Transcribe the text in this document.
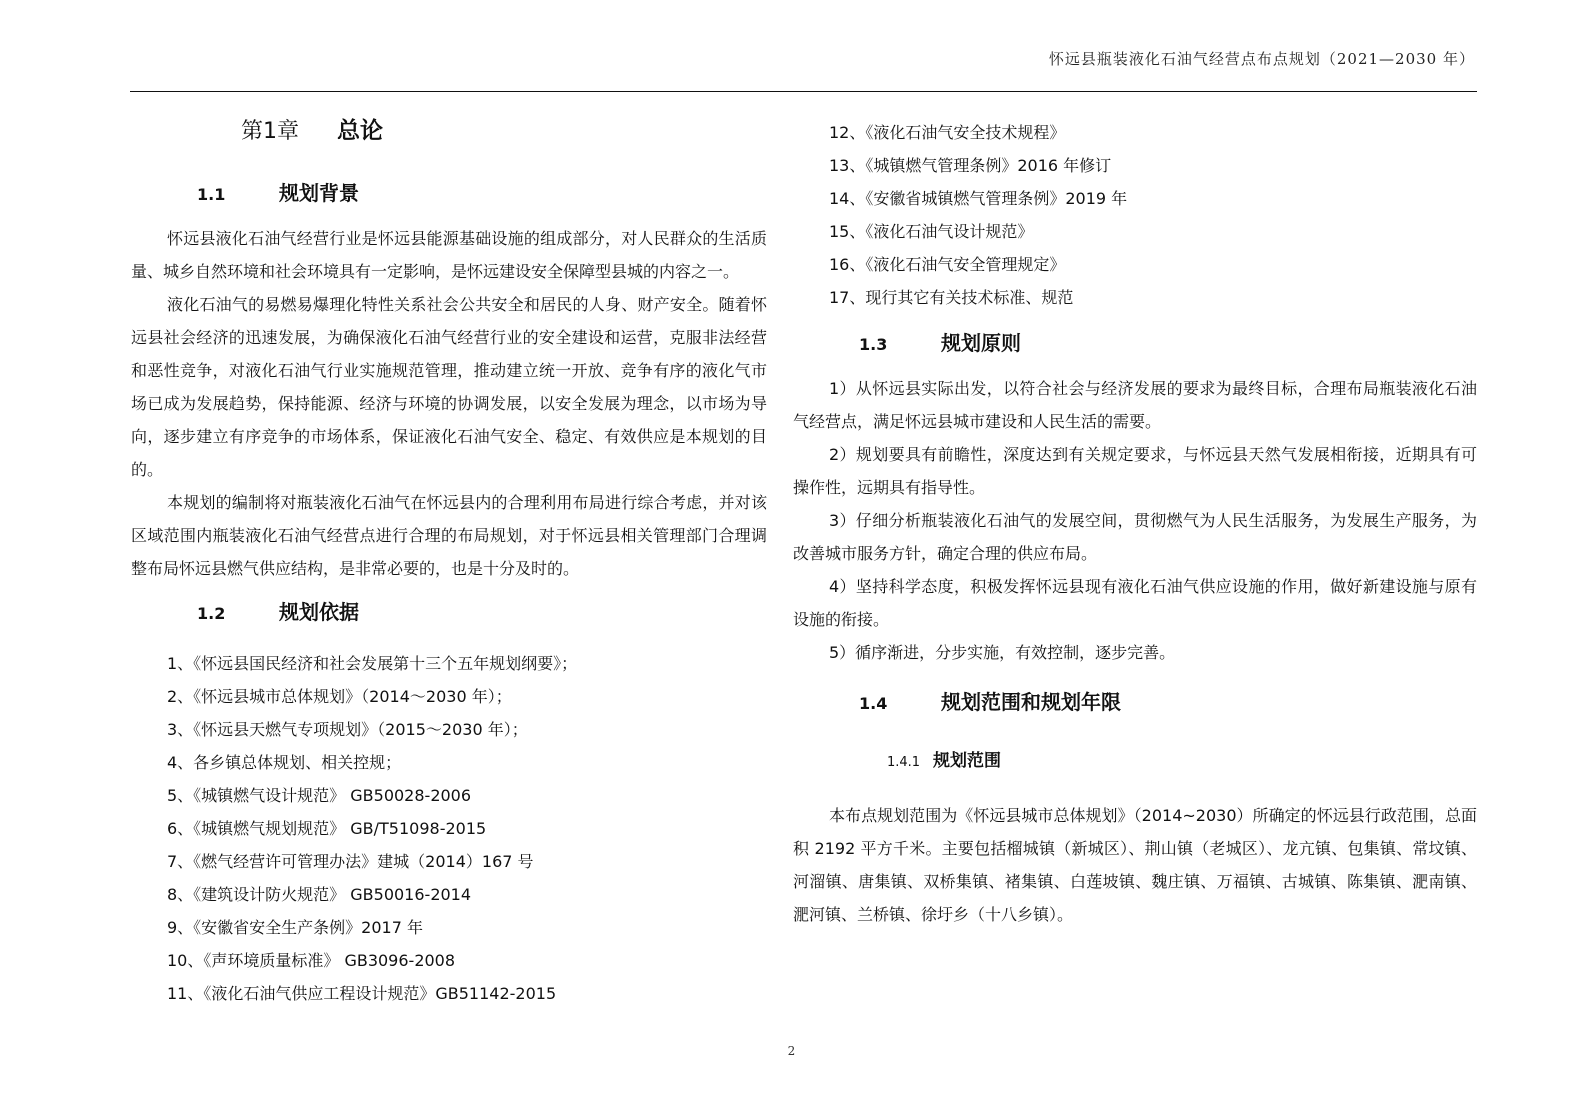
怀远县瓶装液化石油气经营点布点规划（2021—2030 年）
第1章 总论
1.1	规划背景

怀远县液化石油气经营行业是怀远县能源基础设施的组成部分，对人民群众的生活质量、城乡自然环境和社会环境具有一定影响，是怀远建设安全保障型县城的内容之一。

液化石油气的易燃易爆理化特性关系社会公共安全和居民的人身、财产安全。随着怀远县社会经济的迅速发展，为确保液化石油气经营行业的安全建设和运营，克服非法经营和恶性竞争，对液化石油气行业实施规范管理，推动建立统一开放、竞争有序的液化气市场已成为发展趋势，保持能源、经济与环境的协调发展，以安全发展为理念，以市场为导向，逐步建立有序竞争的市场体系，保证液化石油气安全、稳定、有效供应是本规划的目的。

本规划的编制将对瓶装液化石油气在怀远县内的合理利用布局进行综合考虑，并对该区域范围内瓶装液化石油气经营点进行合理的布局规划，对于怀远县相关管理部门合理调整布局怀远县燃气供应结构，是非常必要的，也是十分及时的。

1.2	规划依据
1、《怀远县国民经济和社会发展第十三个五年规划纲要》；
2、《怀远县城市总体规划》（2014～2030 年）；
3、《怀远县天燃气专项规划》（2015～2030 年）；
4、各乡镇总体规划、相关控规；
5、《城镇燃气设计规范》 GB50028-2006
6、《城镇燃气规划规范》 GB/T51098-2015
7、《燃气经营许可管理办法》建城（2014）167 号
8、《建筑设计防火规范》 GB50016-2014
9、《安徽省安全生产条例》2017 年
10、《声环境质量标准》 GB3096-2008
11、《液化石油气供应工程设计规范》GB51142-2015
12、《液化石油气安全技术规程》
13、《城镇燃气管理条例》2016 年修订
14、《安徽省城镇燃气管理条例》2019 年
15、《液化石油气设计规范》
16、《液化石油气安全管理规定》
17、现行其它有关技术标准、规范
1.3	规划原则

1）从怀远县实际出发，以符合社会与经济发展的要求为最终目标，合理布局瓶装液化石油气经营点，满足怀远县城市建设和人民生活的需要。

2）规划要具有前瞻性，深度达到有关规定要求，与怀远县天然气发展相衔接，近期具有可操作性，远期具有指导性。

3）仔细分析瓶装液化石油气的发展空间，贯彻燃气为人民生活服务，为发展生产服务，为改善城市服务方针，确定合理的供应布局。

4）坚持科学态度，积极发挥怀远县现有液化石油气供应设施的作用，做好新建设施与原有设施的衔接。

5）循序渐进，分步实施，有效控制，逐步完善。

1.4	规划范围和规划年限
1.4.1 规划范围

本布点规划范围为《怀远县城市总体规划》（2014~2030）所确定的怀远县行政范围，总面积 2192 平方千米。主要包括榴城镇（新城区）、荆山镇（老城区）、龙亢镇、包集镇、常坟镇、河溜镇、唐集镇、双桥集镇、褚集镇、白莲坡镇、魏庄镇、万福镇、古城镇、陈集镇、淝南镇、淝河镇、兰桥镇、徐圩乡（十八乡镇）。

2
